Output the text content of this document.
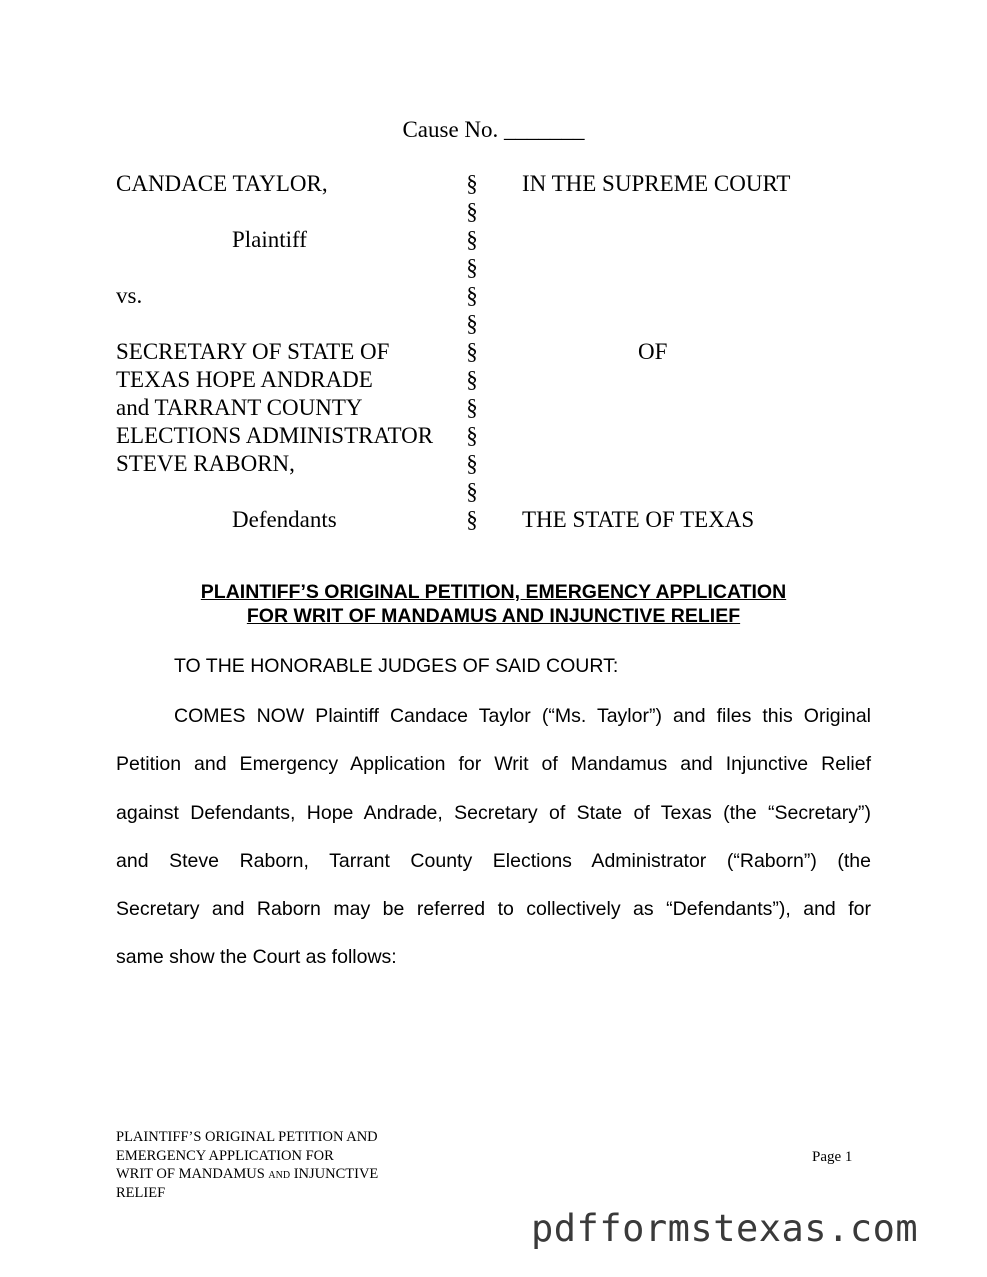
Cause No. _______
CANDACE TAYLOR,
Plaintiff
vs.
SECRETARY OF STATE OF
TEXAS HOPE ANDRADE
and TARRANT COUNTY
ELECTIONS ADMINISTRATOR
STEVE RABORN,
Defendants
§
§
§
§
§
§
§
§
§
§
§
§
§
IN THE SUPREME COURT
OF
THE STATE OF TEXAS
PLAINTIFF’S ORIGINAL PETITION, EMERGENCY APPLICATION
FOR WRIT OF MANDAMUS AND INJUNCTIVE RELIEF
TO THE HONORABLE JUDGES OF SAID COURT:
COMES NOW Plaintiff Candace Taylor (“Ms. Taylor”) and files this Original
Petition and Emergency Application for Writ of Mandamus and Injunctive Relief
against Defendants, Hope Andrade, Secretary of State of Texas (the “Secretary”)
and Steve Raborn, Tarrant County Elections Administrator (“Raborn”) (the
Secretary and Raborn may be referred to collectively as “Defendants”), and for
same show the Court as follows:
PLAINTIFF’S ORIGINAL PETITION AND
EMERGENCY APPLICATION FOR
WRIT OF MANDAMUS and INJUNCTIVE
RELIEF
Page 1
pdfformstexas.com
